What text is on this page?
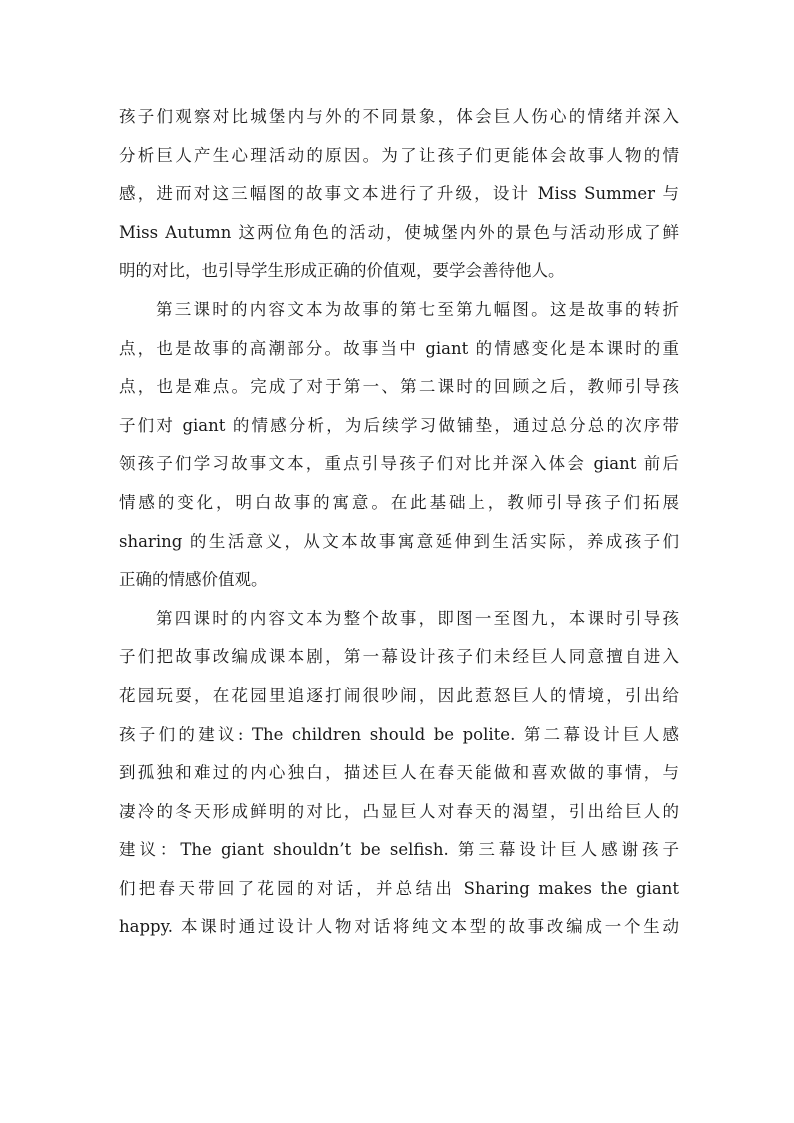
孩子们观察对比城堡内与外的不同景象，体会巨人伤心的情绪并深入
分析巨人产生心理活动的原因。为了让孩子们更能体会故事人物的情
感，进而对这三幅图的故事文本进行了升级，设计 Miss Summer 与
Miss Autumn 这两位角色的活动，使城堡内外的景色与活动形成了鲜
明的对比，也引导学生形成正确的价值观，要学会善待他人。
第三课时的内容文本为故事的第七至第九幅图。这是故事的转折
点，也是故事的高潮部分。故事当中 giant 的情感变化是本课时的重
点，也是难点。完成了对于第一、第二课时的回顾之后，教师引导孩
子们对 giant 的情感分析，为后续学习做铺垫，通过总分总的次序带
领孩子们学习故事文本，重点引导孩子们对比并深入体会 giant 前后
情感的变化，明白故事的寓意。在此基础上，教师引导孩子们拓展
sharing 的生活意义，从文本故事寓意延伸到生活实际，养成孩子们
正确的情感价值观。
第四课时的内容文本为整个故事，即图一至图九，本课时引导孩
子们把故事改编成课本剧，第一幕设计孩子们未经巨人同意擅自进入
花园玩耍，在花园里追逐打闹很吵闹，因此惹怒巨人的情境，引出给
孩子们的建议: The children should be polite. 第二幕设计巨人感
到孤独和难过的内心独白，描述巨人在春天能做和喜欢做的事情，与
凄冷的冬天形成鲜明的对比，凸显巨人对春天的渴望，引出给巨人的
建议：The giant shouldn’t be selfish. 第三幕设计巨人感谢孩子
们把春天带回了花园的对话，并总结出 Sharing makes the giant
happy. 本课时通过设计人物对话将纯文本型的故事改编成一个生动
